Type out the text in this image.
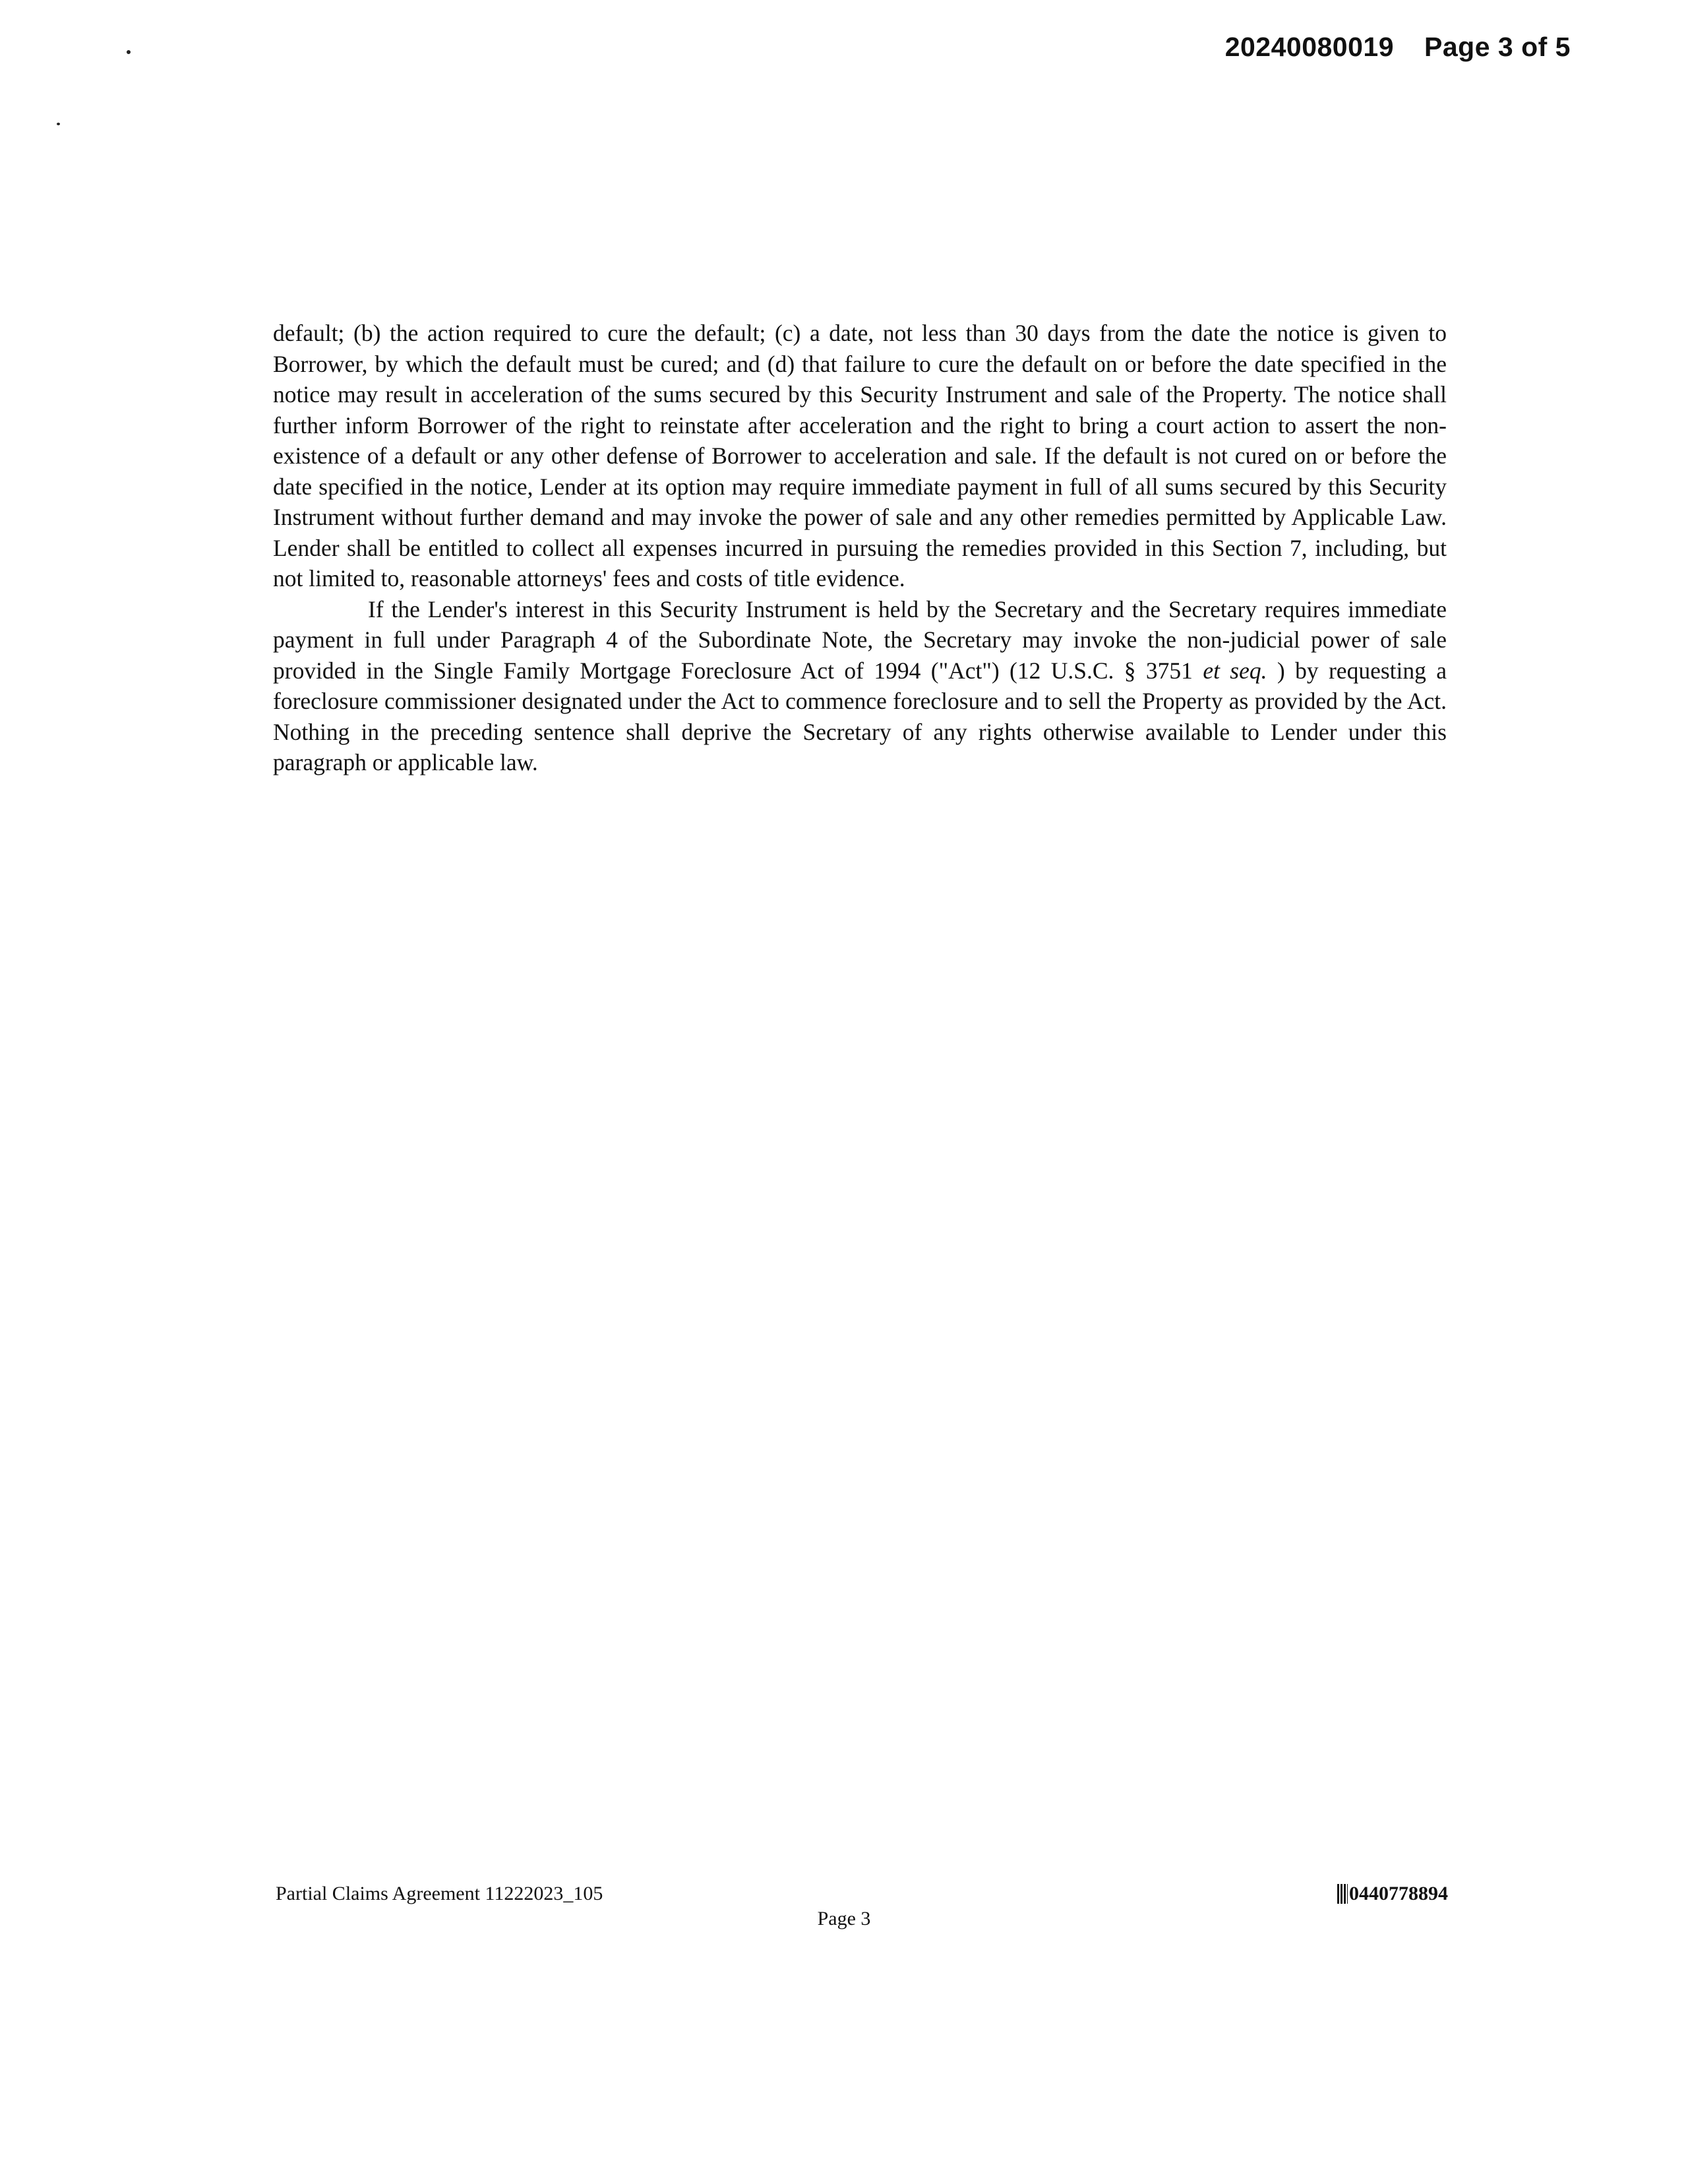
20240080019 Page 3 of 5

default; (b) the action required to cure the default; (c) a date, not less than 30 days from the date the notice is given to Borrower, by which the default must be cured; and (d) that failure to cure the default on or before the date specified in the notice may result in acceleration of the sums secured by this Security Instrument and sale of the Property. The notice shall further inform Borrower of the right to reinstate after acceleration and the right to bring a court action to assert the non-existence of a default or any other defense of Borrower to acceleration and sale. If the default is not cured on or before the date specified in the notice, Lender at its option may require immediate payment in full of all sums secured by this Security Instrument without further demand and may invoke the power of sale and any other remedies permitted by Applicable Law. Lender shall be entitled to collect all expenses incurred in pursuing the remedies provided in this Section 7, including, but not limited to, reasonable attorneys' fees and costs of title evidence.

If the Lender's interest in this Security Instrument is held by the Secretary and the Secretary requires immediate payment in full under Paragraph 4 of the Subordinate Note, the Secretary may invoke the non-judicial power of sale provided in the Single Family Mortgage Foreclosure Act of 1994 ("Act") (12 U.S.C. § 3751 et seq. ) by requesting a foreclosure commissioner designated under the Act to commence foreclosure and to sell the Property as provided by the Act. Nothing in the preceding sentence shall deprive the Secretary of any rights otherwise available to Lender under this paragraph or applicable law.

Partial Claims Agreement 11222023_105	0440778894
Page 3
